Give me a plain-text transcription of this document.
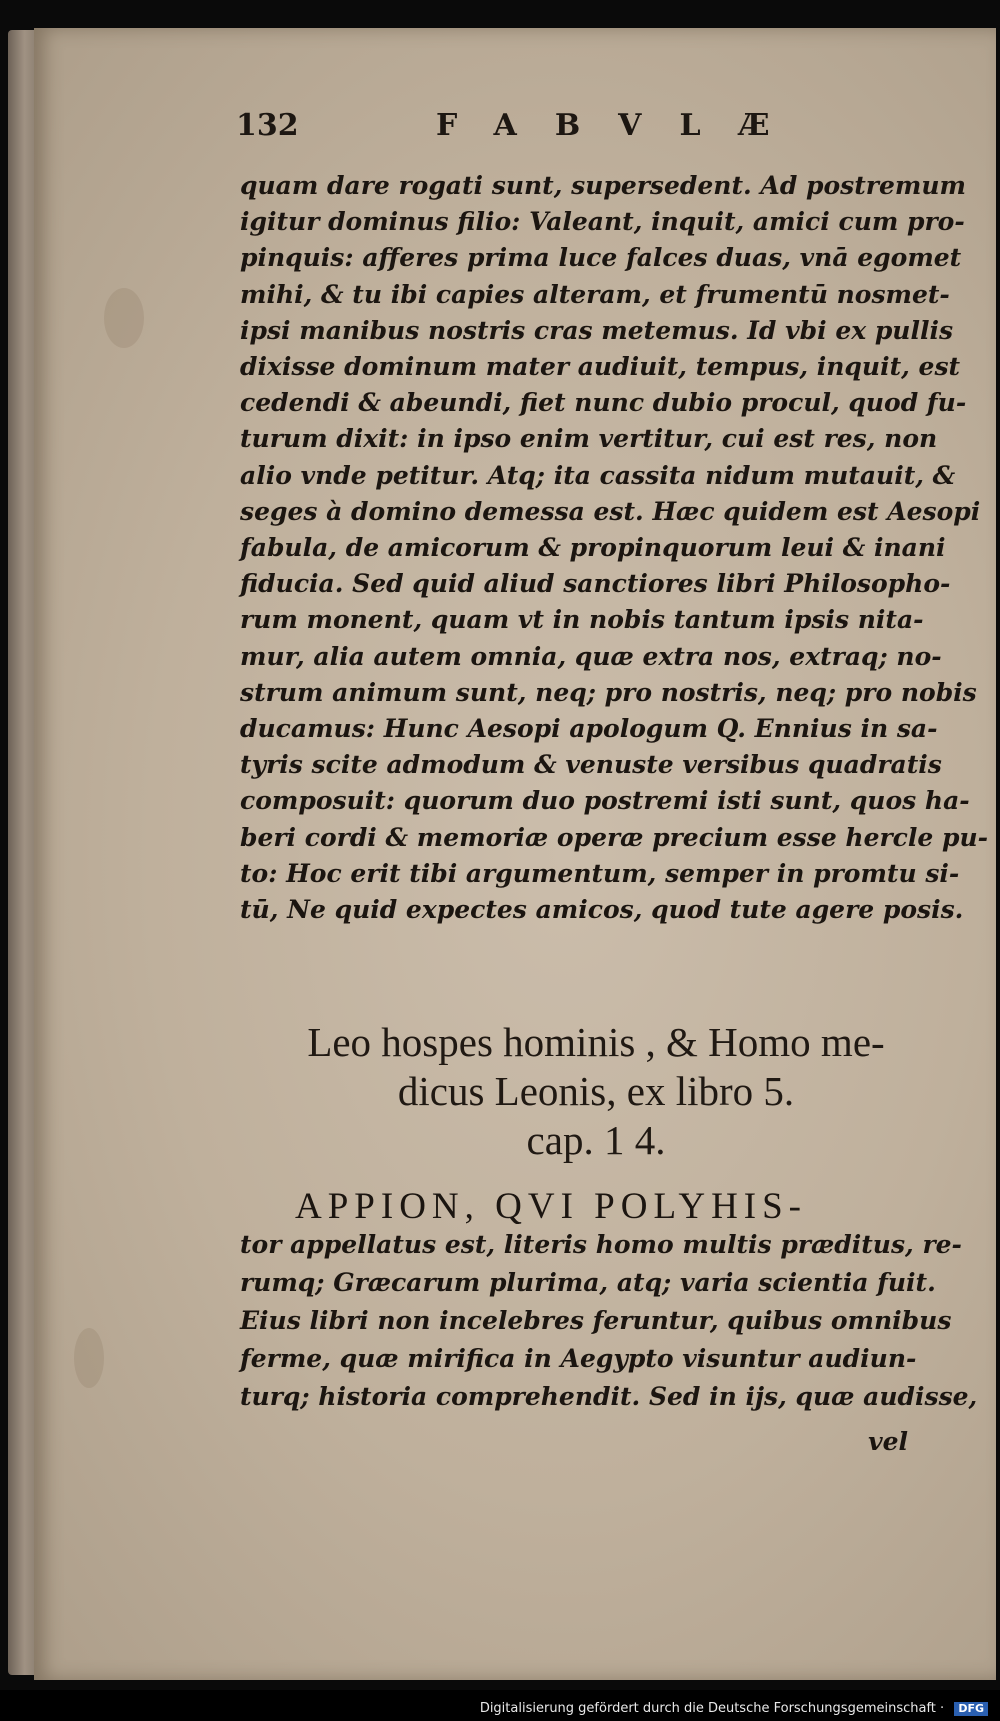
132	FABVLÆ
quam dare rogati sunt, supersedent. Ad postremum
igitur dominus filio: Valeant, inquit, amici cum pro-
pinquis: afferes prima luce falces duas, vnā egomet
mihi, & tu ibi capies alteram, et frumentū nosmet-
ipsi manibus nostris cras metemus. Id vbi ex pullis
dixisse dominum mater audiuit, tempus, inquit, est
cedendi & abeundi, fiet nunc dubio procul, quod fu-
turum dixit: in ipso enim vertitur, cui est res, non
alio vnde petitur. Atq; ita cassita nidum mutauit, &
seges à domino demessa est. Hæc quidem est Aesopi
fabula, de amicorum & propinquorum leui & inani
fiducia. Sed quid aliud sanctiores libri Philosopho-
rum monent, quam vt in nobis tantum ipsis nita-
mur, alia autem omnia, quæ extra nos, extraq; no-
strum animum sunt, neq; pro nostris, neq; pro nobis
ducamus: Hunc Aesopi apologum Q. Ennius in sa-
tyris scite admodum & venuste versibus quadratis
composuit: quorum duo postremi isti sunt, quos ha-
beri cordi & memoriæ operæ precium esse hercle pu-
to: Hoc erit tibi argumentum, semper in promtu si-
tū, Ne quid expectes amicos, quod tute agere posis.
Leo hospes hominis , & Homo me-
dicus Leonis, ex libro 5.
cap. 1 4.
APPION, QVI POLYHIS-
tor appellatus est, literis homo multis præditus, re-
rumq; Græcarum plurima, atq; varia scientia fuit.
Eius libri non incelebres feruntur, quibus omnibus
ferme, quæ mirifica in Aegypto visuntur audiun-
turq; historia comprehendit. Sed in ijs, quæ audisse,
vel
Digitalisierung gefördert durch die Deutsche Forschungsgemeinschaft · DFG
